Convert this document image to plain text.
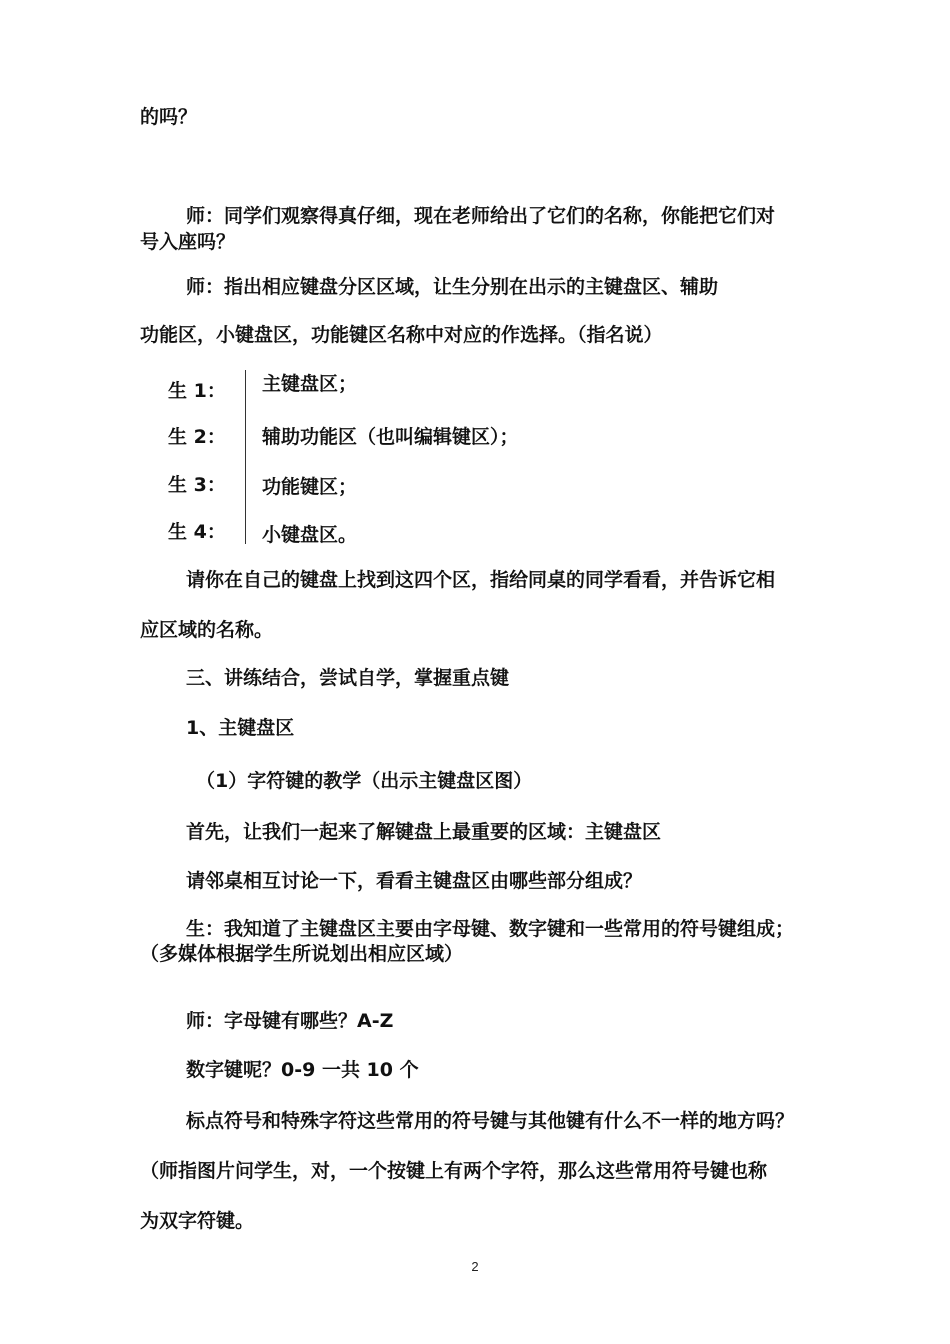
的吗？
师：同学们观察得真仔细，现在老师给出了它们的名称，你能把它们对
号入座吗？
师：指出相应键盘分区区域，让生分别在出示的主键盘区、辅助
功能区，小键盘区，功能键区名称中对应的作选择。（指名说）
生 1： 主键盘区；
生 2： 辅助功能区（也叫编辑键区）；
生 3： 功能键区；
生 4： 小键盘区。
请你在自己的键盘上找到这四个区，指给同桌的同学看看，并告诉它相
应区域的名称。
三、讲练结合，尝试自学，掌握重点键
1、主键盘区
（1）字符键的教学（出示主键盘区图）
首先，让我们一起来了解键盘上最重要的区域：主键盘区
请邻桌相互讨论一下，看看主键盘区由哪些部分组成？
生：我知道了主键盘区主要由字母键、数字键和一些常用的符号键组成；
（多媒体根据学生所说划出相应区域）
师：字母键有哪些？A-Z
数字键呢？0-9 一共 10 个
标点符号和特殊字符这些常用的符号键与其他键有什么不一样的地方吗？
（师指图片问学生，对，一个按键上有两个字符，那么这些常用符号键也称
为双字符键。
2
